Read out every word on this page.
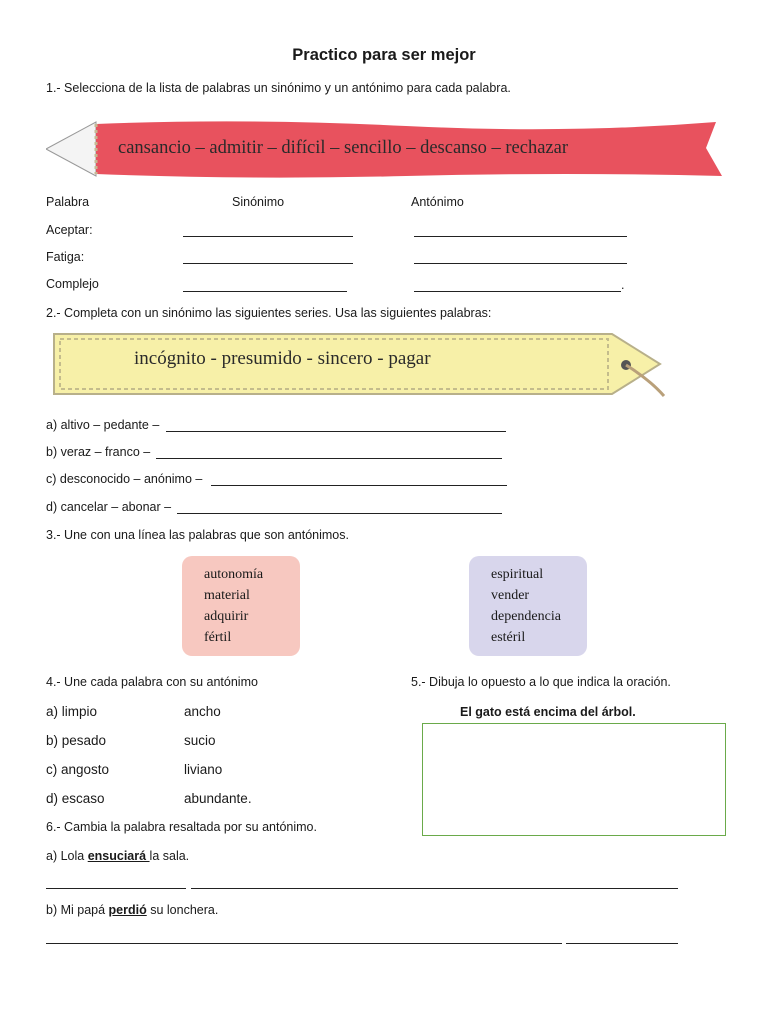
Practico para ser mejor
1.- Selecciona de la lista de palabras un sinónimo y un antónimo para cada palabra.
cansancio – admitir – difícil – sencillo – descanso – rechazar
Palabra	Sinónimo	Antónimo
Aceptar:
Fatiga:
Complejo	.
2.- Completa con un sinónimo las siguientes series. Usa las siguientes palabras:
incógnito - presumido - sincero - pagar
a) altivo – pedante –
b) veraz – franco –
c) desconocido – anónimo –
d) cancelar – abonar –
3.- Une con una línea las palabras que son antónimos.
autonomía
material
adquirir
fértil
espiritual
vender
dependencia
estéril
4.- Une cada palabra con su antónimo
a) limpio	ancho
b) pesado	sucio
c) angosto	liviano
d) escaso	abundante.
5.- Dibuja lo opuesto a lo que indica la oración.
El gato está encima del árbol.
6.- Cambia la palabra resaltada por su antónimo.
a) Lola ensuciará la sala.
b) Mi papá perdió su lonchera.
